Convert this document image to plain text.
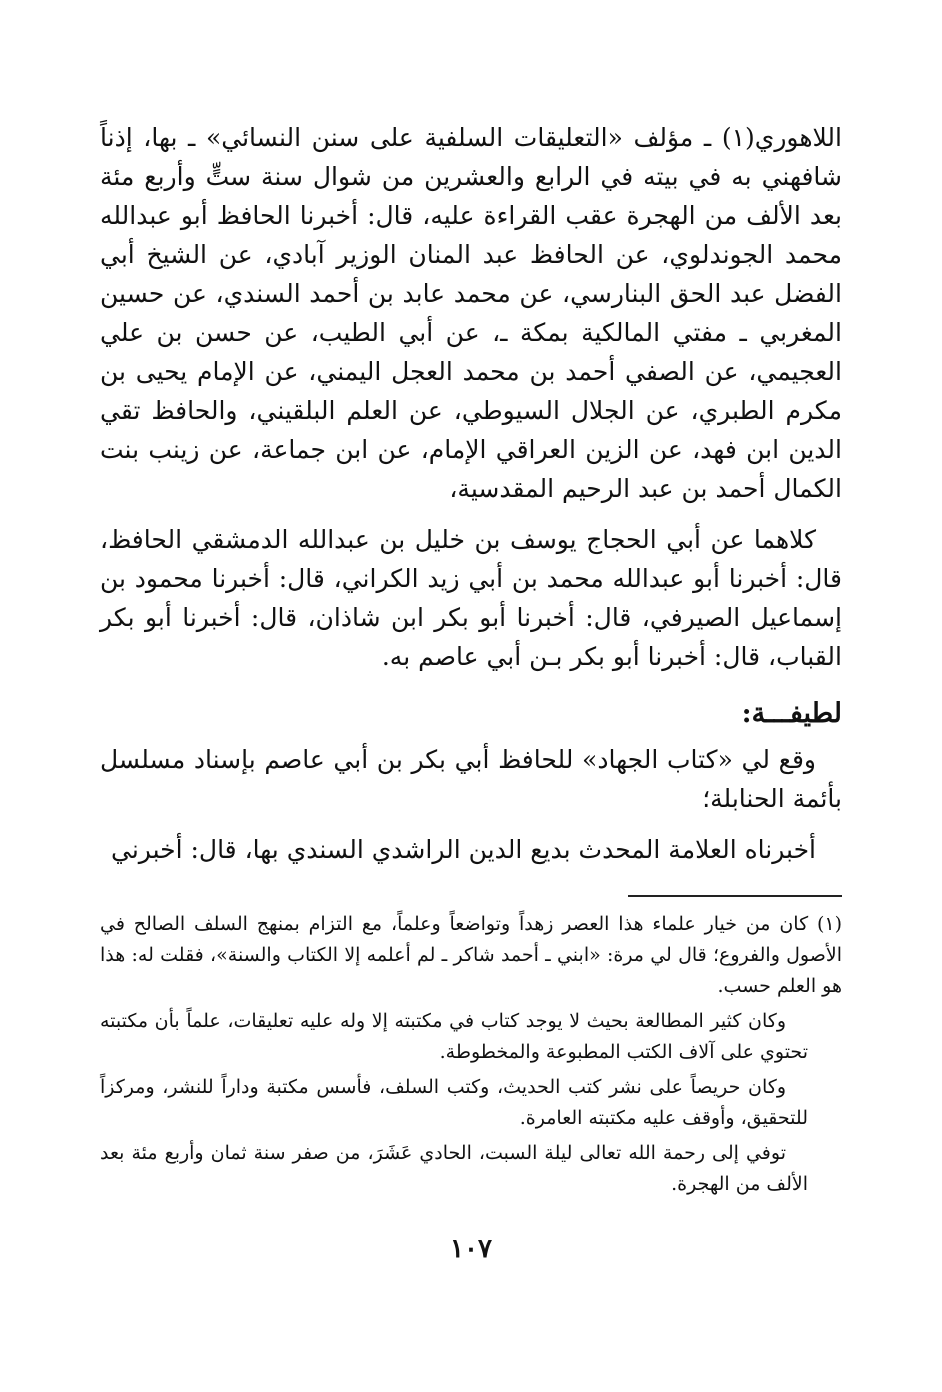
اللاهوري(١) ـ مؤلف «التعليقات السلفية على سنن النسائي» ـ بها، إذناً شافهني به في بيته في الرابع والعشرين من شوال سنة ستٍّ وأربع مئة بعد الألف من الهجرة عقب القراءة عليه، قال: أخبرنا الحافظ أبو عبدالله محمد الجوندلوي، عن الحافظ عبد المنان الوزير آبادي، عن الشيخ أبي الفضل عبد الحق البنارسي، عن محمد عابد بن أحمد السندي، عن حسين المغربي ـ مفتي المالكية بمكة ـ، عن أبي الطيب، عن حسن بن علي العجيمي، عن الصفي أحمد بن محمد العجل اليمني، عن الإمام يحيى بن مكرم الطبري، عن الجلال السيوطي، عن العلم البلقيني، والحافظ تقي الدين ابن فهد، عن الزين العراقي الإمام، عن ابن جماعة، عن زينب بنت الكمال أحمد بن عبد الرحيم المقدسية،

كلاهما عن أبي الحجاج يوسف بن خليل بن عبدالله الدمشقي الحافظ، قال: أخبرنا أبو عبدالله محمد بن أبي زيد الكراني، قال: أخبرنا محمود بن إسماعيل الصيرفي، قال: أخبرنا أبو بكر ابن شاذان، قال: أخبرنا أبو بكر القباب، قال: أخبرنا أبو بكر بـن أبي عاصم به.

لطيفـــة:

وقع لي «كتاب الجهاد» للحافظ أبي بكر بن أبي عاصم بإسناد مسلسل بأئمة الحنابلة؛

أخبرناه العلامة المحدث بديع الدين الراشدي السندي بها، قال: أخبرني

(١) كان من خيار علماء هذا العصر زهداً وتواضعاً وعلماً، مع التزام بمنهج السلف الصالح في الأصول والفروع؛ قال لي مرة: «ابني ـ أحمد شاكر ـ لم أعلمه إلا الكتاب والسنة»، فقلت له: هذا هو العلم حسب.

وكان كثير المطالعة بحيث لا يوجد كتاب في مكتبته إلا وله عليه تعليقات، علماً بأن مكتبته تحتوي على آلاف الكتب المطبوعة والمخطوطة.

وكان حريصاً على نشر كتب الحديث، وكتب السلف، فأسس مكتبة وداراً للنشر، ومركزاً للتحقيق، وأوقف عليه مكتبته العامرة.

توفي إلى رحمة الله تعالى ليلة السبت، الحادي عَشَرَ، من صفر سنة ثمان وأربع مئة بعد الألف من الهجرة.

١٠٧
